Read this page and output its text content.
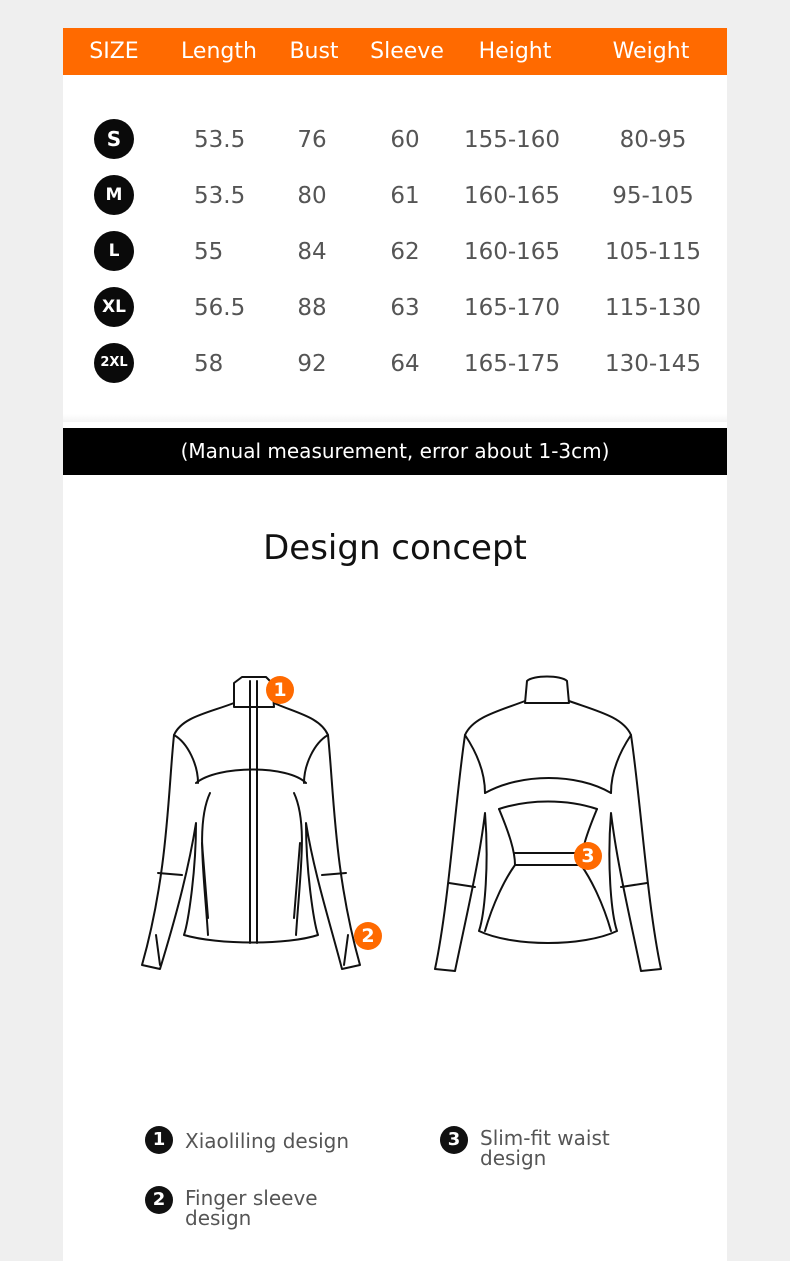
SIZE Length Bust Sleeve Height	Weight
S	53.5 76	60 155-160	80-95
M	53.5 80	61 160-165 95-105
L	55	84	62 160-165 105-115
XL	56.5 88	63 165-170 115-130
2XL	58	92	64 165-175 130-145
(Manual measurement, error about 1-3cm)
Design concept
1
2
3
1 Xiaoliling design	3 Slim-fit waist design
2 Finger sleeve design
